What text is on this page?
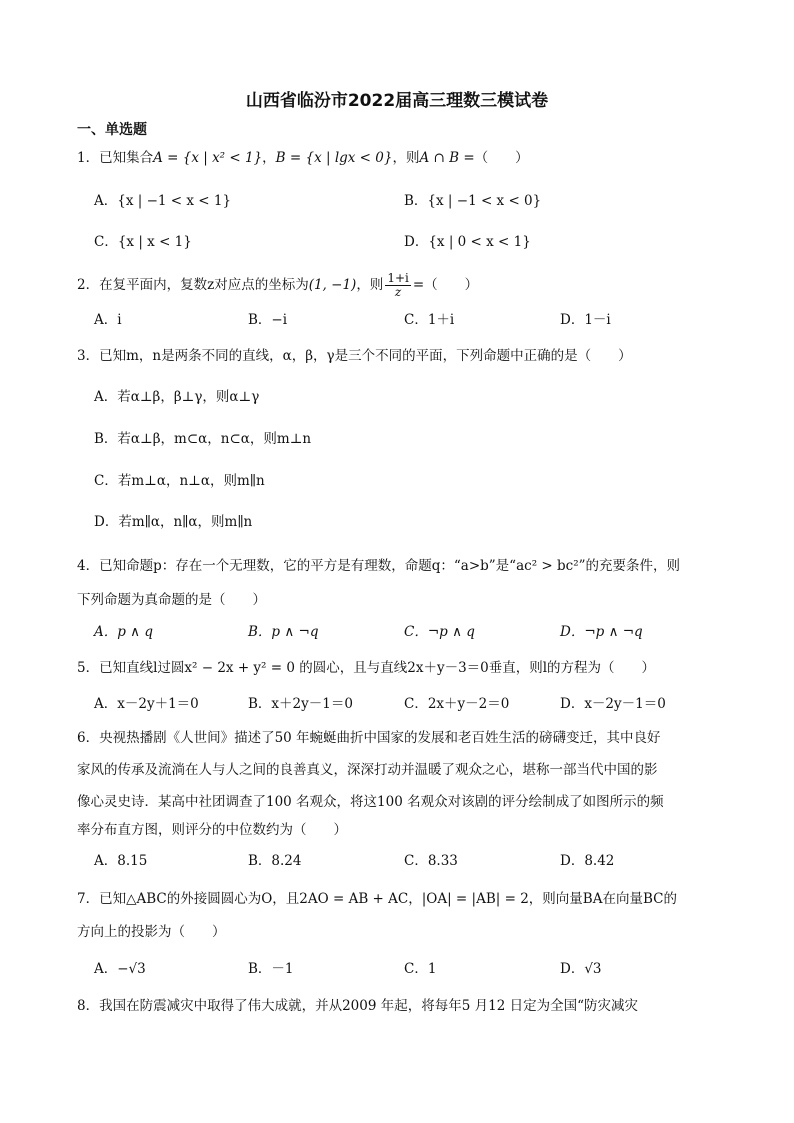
山西省临汾市2022届高三理数三模试卷
一、单选题
1．已知集合A = {x | x² < 1}，B = {x | lgx < 0}，则A ∩ B =（　　）
A．{x | −1 < x < 1}	B．{x | −1 < x < 0}
C．{x | x < 1}	D．{x | 0 < x < 1}
2．在复平面内，复数z对应点的坐标为(1, −1)，则 $\frac{1+i}{z}$ =（　　）
A．i	B．−i	C．1＋i	D．1－i
3．已知m，n是两条不同的直线，α，β，γ是三个不同的平面，下列命题中正确的是（　　）
A．若α⊥β，β⊥γ，则α⊥γ
B．若α⊥β，m⊂α，n⊂α，则m⊥n
C．若m⊥α，n⊥α，则m∥n
D．若m∥α，n∥α，则m∥n
4．已知命题p：存在一个无理数，它的平方是有理数，命题q：“a>b”是“ac² > bc²”的充要条件，则
下列命题为真命题的是（　　）
A．p ∧ q	B．p ∧ ¬q	C．¬p ∧ q	D．¬p ∧ ¬q
5．已知直线l过圆x² − 2x + y² = 0 的圆心，且与直线2x＋y－3＝0垂直，则l的方程为（　　）
A．x－2y＋1＝0	B．x＋2y－1＝0	C．2x＋y－2＝0	D．x－2y－1＝0
6．央视热播剧《人世间》描述了50 年蜿蜒曲折中国家的发展和老百姓生活的磅礴变迁，其中良好
家风的传承及流淌在人与人之间的良善真义，深深打动并温暖了观众之心，堪称一部当代中国的影
像心灵史诗．某高中社团调查了100 名观众，将这100 名观众对该剧的评分绘制成了如图所示的频
率分布直方图，则评分的中位数约为（　　）
A．8.15	B．8.24	C．8.33	D．8.42
7．已知△ABC的外接圆圆心为O，且2AO = AB + AC，|OA| = |AB| = 2，则向量BA在向量BC的
方向上的投影为（　　）
A．−√3	B．－1	C．1	D．√3
8．我国在防震减灾中取得了伟大成就，并从2009 年起，将每年5 月12 日定为全国“防灾减灾
